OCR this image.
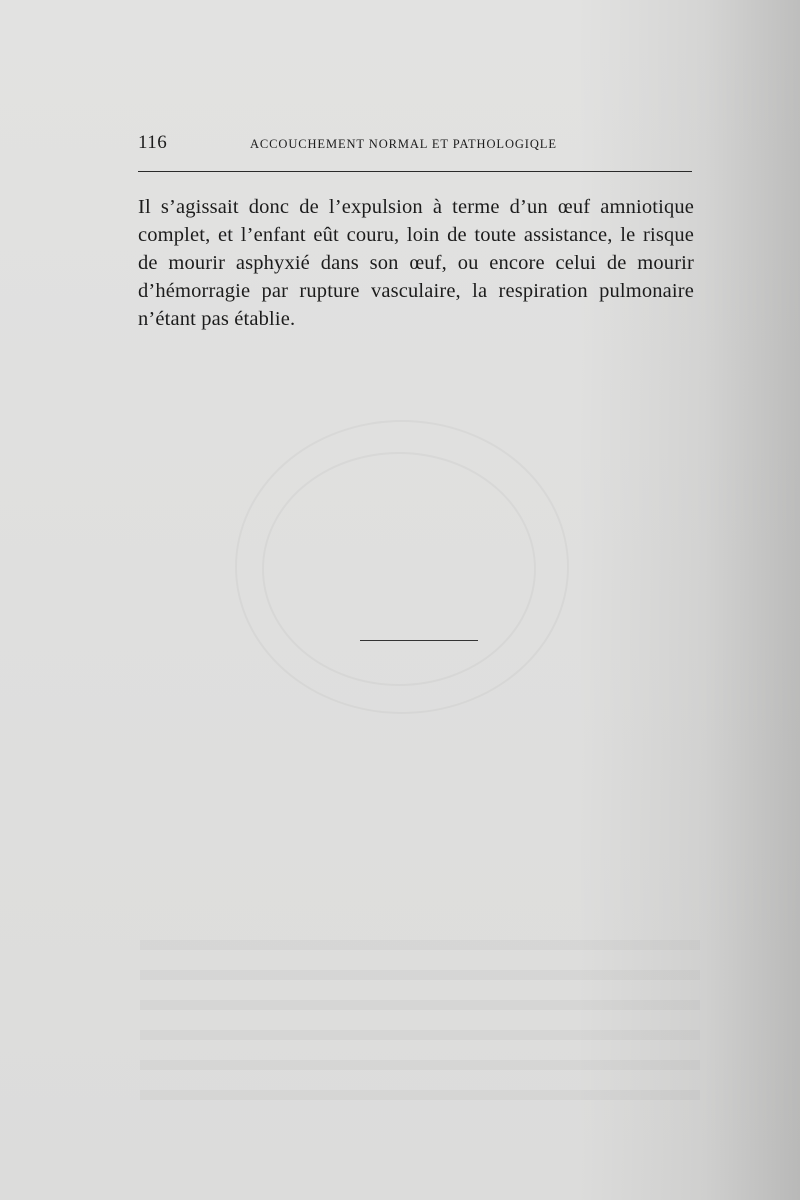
116	ACCOUCHEMENT NORMAL ET PATHOLOGIQLE

Il s’agissait donc de l’expulsion à terme d’un œuf amniotique complet, et l’enfant eût couru, loin de toute assistance, le risque de mourir asphyxié dans son œuf, ou encore celui de mourir d’hémorragie par rupture vasculaire, la respiration pulmonaire n’étant pas établie.
